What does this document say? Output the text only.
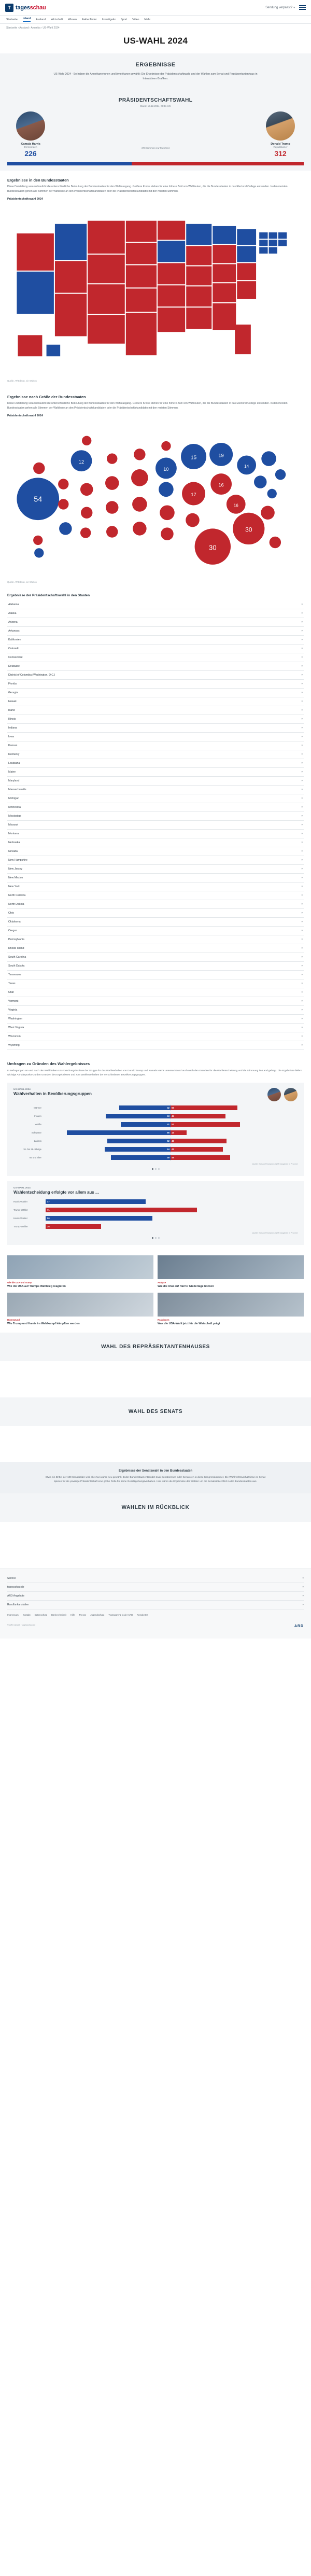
T tagesschau	Sendung verpasst? ▾
Startseite Inland Ausland Wirtschaft Wissen Faktenfinder Investigativ Sport Video Mehr
Startseite › Ausland › Amerika › US-Wahl 2024
US-WAHL 2024
ERGEBNISSE

US-Wahl 2024 - So haben die Amerikanerinnen und Amerikaner gewählt: Die Ergebnisse der Präsidentschaftswahl und der Wahlen zum Senat und Repräsentantenhaus in Interaktiven Grafiken.

PRÄSIDENTSCHAFTSWAHL
Stand: 13.12.2024, 08:11 Uhr
Kamala Harris
Demokraten
226
270 Stimmen zur Mehrheit
Donald Trump
Republikaner
312
Ergebnisse in den Bundesstaaten

Diese Darstellung veranschaulicht die unterschiedliche Bedeutung der Bundesstaaten für den Wahlausgang. Größere Kreise stehen für eine höhere Zahl von Wahlleuten, die die Bundesstaaten in das Electoral College entsenden. In den meisten Bundesstaaten gehen alle Stimmen der Wahlleute an den Präsidentschaftskandidaten oder die Präsidentschaftskandidatin mit den meisten Stimmen.

Präsidentschaftswahl 2024
Quelle: AP/Edison, ein Wahlen
Ergebnisse nach Größe der Bundesstaaten

Diese Darstellung veranschaulicht die unterschiedliche Bedeutung der Bundesstaaten für den Wahlausgang. Größere Kreise stehen für eine höhere Zahl von Wahlleuten, die die Bundesstaaten in das Electoral College entsenden. In den meisten Bundesstaaten gehen alle Stimmen der Wahlleute an den Präsidentschaftskandidaten oder die Präsidentschaftskandidatin mit den meisten Stimmen.

Präsidentschaftswahl 2024
54
12
10
15	19
14
30
30
17
16
16
Quelle: AP/Edison, ein Wahlen
Ergebnisse der Präsidentschaftswahl in den Staaten
Alabama	▾
Alaska	▾
Arizona	▾
Arkansas	▾
Kalifornien	▾
Colorado	▾
Connecticut	▾
Delaware	▾
District of Columbia (Washington, D.C.)	▾
Florida	▾
Georgia	▾
Hawaii	▾
Idaho	▾
Illinois	▾
Indiana	▾
Iowa	▾
Kansas	▾
Kentucky	▾
Louisiana	▾
Maine	▾
Maryland	▾
Massachusetts	▾
Michigan	▾
Minnesota	▾
Mississippi	▾
Missouri	▾
Montana	▾
Nebraska	▾
Nevada	▾
New Hampshire	▾
New Jersey	▾
New Mexico	▾
New York	▾
North Carolina	▾
North Dakota	▾
Ohio	▾
Oklahoma	▾
Oregon	▾
Pennsylvania	▾
Rhode Island	▾
South Carolina	▾
South Dakota	▾
Tennessee	▾
Texas	▾
Utah	▾
Vermont	▾
Virginia	▾
Washington	▾
West Virginia	▾
Wisconsin	▾
Wyoming	▾
Umfragen zu Gründen des Wahlergebnisses

In Befragungen am und nach der Wahl haben US-Forschungsinstitute der Gruppe für das Wahlverhalten von Donald Trump und Kamala Harris untersucht und auch nach den Gründen für die Wahlentscheidung und die Stimmung im Land gefragt. Die Ergebnisse liefern wichtige Anhaltspunkte zu den Gründen des Ergebnisses und zum Wählerverhalten der verschiedenen Bevölkerungsgruppen.

US-WAHL 2024
Wahlverhalten in Bevölkerungsgruppen
Männer	42 55
Frauen	53 45
Weiße	41 57
Schwarze	85 13
Latinos	52 46
18- bis 29-Jährige	54 43
65 und älter	49 49
Quelle: Edison Research / NEP, Angaben in Prozent
US-WAHL 2024
Wahlentscheidung erfolgte vor allem aus ...
Harris-Wähler	47
Trump-Wähler	71
Harris-Wähler	50
Trump-Wähler	26
Quelle: Edison Research / NEP, Angaben in Prozent
Wie die USA und Trump
Wie die USA auf Trumps Wahlsieg reagieren
Analyse
Wie die USA auf Harris' Niederlage blicken
Hintergrund
Wie Trump und Harris im Wahlkampf kämpften werden
Reaktionen
Was die USA-Wahl jetzt für die Wirtschaft prägt
WAHL DES REPRÄSENTANTENHAUSES
WAHL DES SENATS
Ergebnisse der Senatswahl in den Bundesstaaten

Etwa ein Drittel der 100 Senatssitze wird alle zwei Jahre neu gewählt. Jeder Bundesstaat entsendet zwei Senatorinnen oder Senatoren in diese Kongresskammer. Die Wahlrechtsverhältnisse im Senat spielen für die jeweilige Präsidentschaft eine große Rolle für seine Gesetzgebungsvorhaben. Hier wären die Ergebnisse der Wahlen um die Senatssitze 2024 in den Bundesstaaten aus.

WAHLEN IM RÜCKBLICK
Service	▾
tagesschau.de	▾
ARD Angebote	▾
Rundfunkanstalten	▾
Impressum Kontakt Datenschutz Barrierefreiheit Hilfe Presse Jugendschutz Transparenz in der ARD Newsletter
© ARD aktuell / tagesschau.de	ARD
